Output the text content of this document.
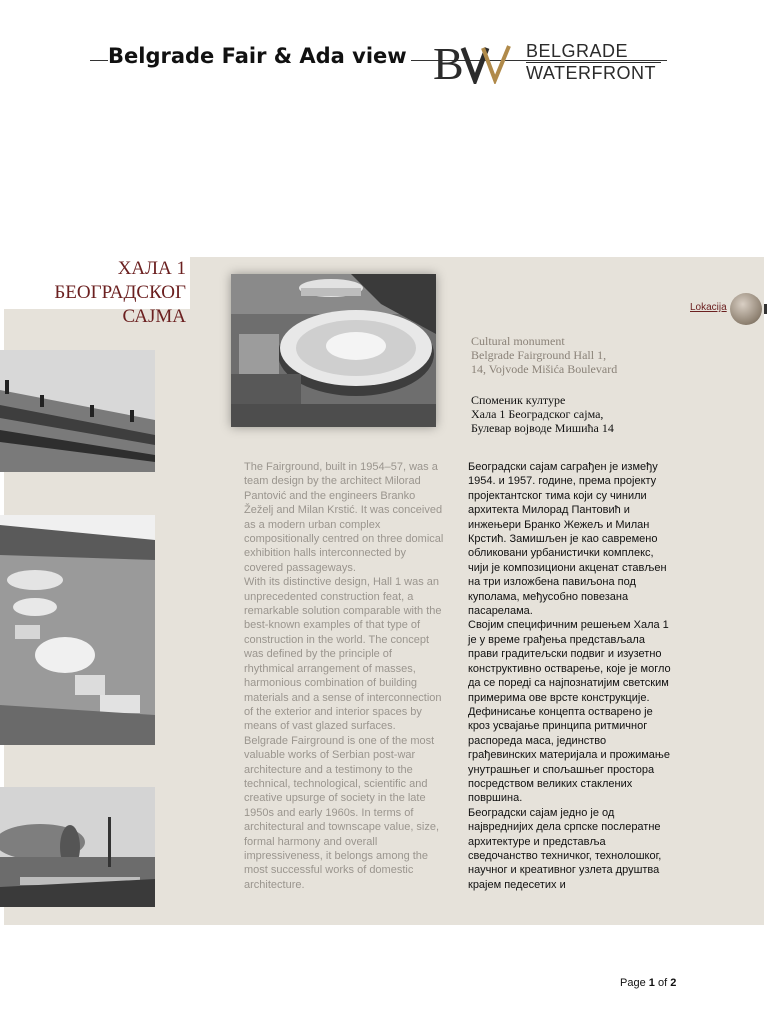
Belgrade Fair & Ada view B	BELGRADE
WATERFRONT
ХАЛА 1
БЕОГРАДСКОГ САЈМА
Cultural monument
Belgrade Fairground Hall 1,
14, Vojvode Mišića Boulevard
Споменик културе
Хала 1 Београдског сајма,
Булевар војводе Мишића 14

The Fairground, built in 1954–57, was a team design by the architect Milorad Pantović and the engineers Branko Žeželj and Milan Krstić. It was conceived as a modern urban complex compositionally centred on three domical exhibition halls interconnected by covered passageways.

With its distinctive design, Hall 1 was an unprecedented construction feat, a remarkable solution comparable with the best-known examples of that type of construction in the world. The concept was defined by the principle of rhythmical arrangement of masses, harmonious combination of building materials and a sense of interconnection of the exterior and interior spaces by means of vast glazed surfaces.

Belgrade Fairground is one of the most valuable works of Serbian post-war architecture and a testimony to the technical, technological, scientific and creative upsurge of society in the late 1950s and early 1960s. In terms of architectural and townscape value, size, formal harmony and overall impressiveness, it belongs among the most successful works of domestic architecture.

Београдски сајам саграђен је између 1954. и 1957. године, према пројекту пројектантског тима који су чинили архитекта Милорад Пантовић и инжењери Бранко Жежељ и Милан Крстић. Замишљен је као савремено обликовани урбанистички комплекс, чији је композициони акценат стављен на три изложбена павиљона под куполама, међусобно повезана пасарелама.

Својим специфичним решењем Хала 1 је у време грађења представљала прави градитељски подвиг и изузетно конструктивно остварење, које је могло да се поредi са најпознатијим светским примерима ове врсте конструкције. Дефинисање концепта остварено је кроз усвајање принципа ритмичног распореда маса, јединство грађевинских материјала и прожимање унутрашњег и спољашњег простора посредством великих стаклених површина.

Београдски сајам једно је од највреднијих дела српске послератне архитектуре и представља сведочанство техничког, технолошког, научног и креативног узлета друштва крајем педесетих и

Lokacija
Page 1 of 2
